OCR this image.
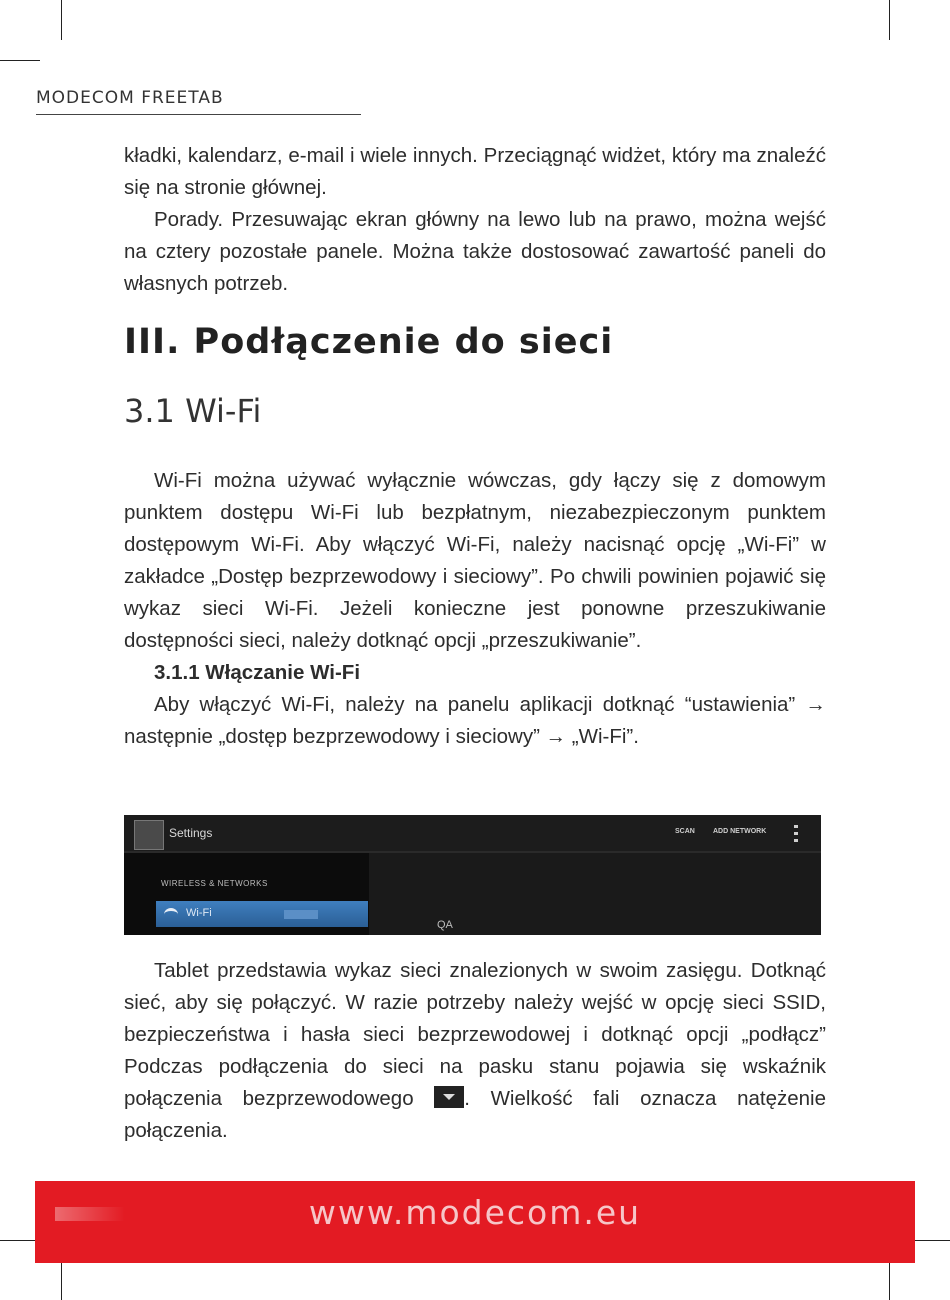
MODECOM FREETAB

kładki, kalendarz, e-mail i wiele innych. Przeciągnąć widżet, który ma znaleźć się na stronie głównej.

Porady. Przesuwając ekran główny na lewo lub na prawo, można wejść na cztery pozostałe panele. Można także dostosować zawartość paneli do własnych potrzeb.

III. Podłączenie do sieci
3.1 Wi-Fi

Wi-Fi można używać wyłącznie wówczas, gdy łączy się z domowym punktem dostępu Wi-Fi lub bezpłatnym, niezabezpieczonym punktem dostępowym Wi-Fi. Aby włączyć Wi-Fi, należy nacisnąć opcję „Wi-Fi” w zakładce „Dostęp bezprzewodowy i sieciowy”. Po chwili powinien pojawić się wykaz sieci Wi-Fi. Jeżeli konieczne jest ponowne przeszukiwanie dostępności sieci, należy dotknąć opcji „przeszukiwanie”.

3.1.1 Włączanie Wi-Fi

Aby włączyć Wi-Fi, należy na panelu aplikacji dotknąć “ustawienia” → następnie „dostęp bezprzewodowy i sieciowy” → „Wi-Fi”.

Settings	SCAN	ADD NETWORK
WIRELESS & NETWORKS
Wi-Fi
QA

Tablet przedstawia wykaz sieci znalezionych w swoim zasięgu. Dotknąć sieć, aby się połączyć. W razie potrzeby należy wejść w opcję sieci SSID, bezpieczeństwa i hasła sieci bezprzewodowej i dotknąć opcji „podłącz” Podczas podłączenia do sieci na pasku stanu pojawia się wskaźnik połączenia bezprzewodowego . Wielkość fali oznacza natężenie połączenia.

www.modecom.eu
